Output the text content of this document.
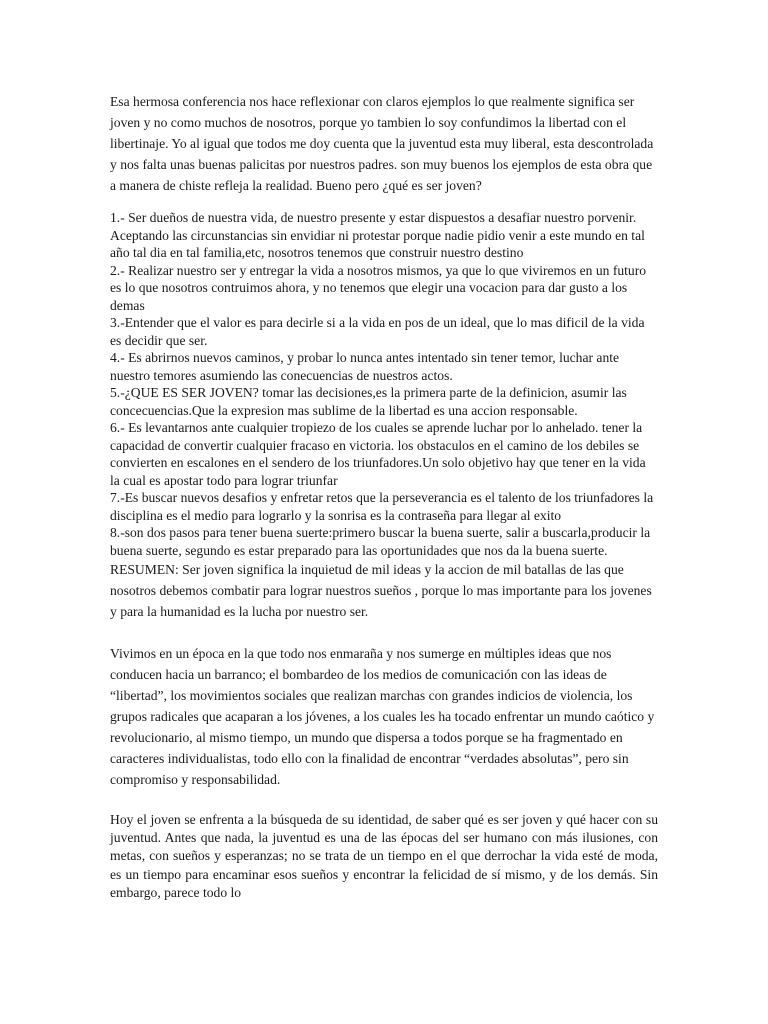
Esa hermosa conferencia nos hace reflexionar con claros ejemplos lo que realmente significa ser joven y no como muchos de nosotros, porque yo tambien lo soy confundimos la libertad con el libertinaje. Yo al igual que todos me doy cuenta que la juventud esta muy liberal, esta descontrolada y nos falta unas buenas palicitas por nuestros padres. son muy buenos los ejemplos de esta obra que a manera de chiste refleja la realidad. Bueno pero ¿qué es ser joven?

1.- Ser dueños de nuestra vida, de nuestro presente y estar dispuestos a desafiar nuestro porvenir. Aceptando las circunstancias sin envidiar ni protestar porque nadie pidio venir a este mundo en tal año tal dia en tal familia,etc, nosotros tenemos que construir nuestro destino

2.- Realizar nuestro ser y entregar la vida a nosotros mismos, ya que lo que viviremos en un futuro es lo que nosotros contruimos ahora, y no tenemos que elegir una vocacion para dar gusto a los demas

3.-Entender que el valor es para decirle si a la vida en pos de un ideal, que lo mas dificil de la vida es decidir que ser.

4.- Es abrirnos nuevos caminos, y probar lo nunca antes intentado sin tener temor, luchar ante nuestro temores asumiendo las conecuencias de nuestros actos.

5.-¿QUE ES SER JOVEN? tomar las decisiones,es la primera parte de la definicion, asumir las concecuencias.Que la expresion mas sublime de la libertad es una accion responsable.

6.- Es levantarnos ante cualquier tropiezo de los cuales se aprende luchar por lo anhelado. tener la capacidad de convertir cualquier fracaso en victoria. los obstaculos en el camino de los debiles se convierten en escalones en el sendero de los triunfadores.Un solo objetivo hay que tener en la vida la cual es apostar todo para lograr triunfar

7.-Es buscar nuevos desafios y enfretar retos que la perseverancia es el talento de los triunfadores la disciplina es el medio para lograrlo y la sonrisa es la contraseña para llegar al exito

8.-son dos pasos para tener buena suerte:primero buscar la buena suerte, salir a buscarla,producir la buena suerte, segundo es estar preparado para las oportunidades que nos da la buena suerte.

RESUMEN: Ser joven significa la inquietud de mil ideas y la accion de mil batallas de las que nosotros debemos combatir para lograr nuestros sueños , porque lo mas importante para los jovenes y para la humanidad es la lucha por nuestro ser.

Vivimos en un época en la que todo nos enmaraña y nos sumerge en múltiples ideas que nos conducen hacia un barranco; el bombardeo de los medios de comunicación con las ideas de “libertad”, los movimientos sociales que realizan marchas con grandes indicios de violencia, los grupos radicales que acaparan a los jóvenes, a los cuales les ha tocado enfrentar un mundo caótico y revolucionario, al mismo tiempo, un mundo que dispersa a todos porque se ha fragmentado en caracteres individualistas, todo ello con la finalidad de encontrar “verdades absolutas”, pero sin compromiso y responsabilidad.

Hoy el joven se enfrenta a la búsqueda de su identidad, de saber qué es ser joven y qué hacer con su juventud. Antes que nada, la juventud es una de las épocas del ser humano con más ilusiones, con metas, con sueños y esperanzas; no se trata de un tiempo en el que derrochar la vida esté de moda, es un tiempo para encaminar esos sueños y encontrar la felicidad de sí mismo, y de los demás. Sin embargo, parece todo lo
